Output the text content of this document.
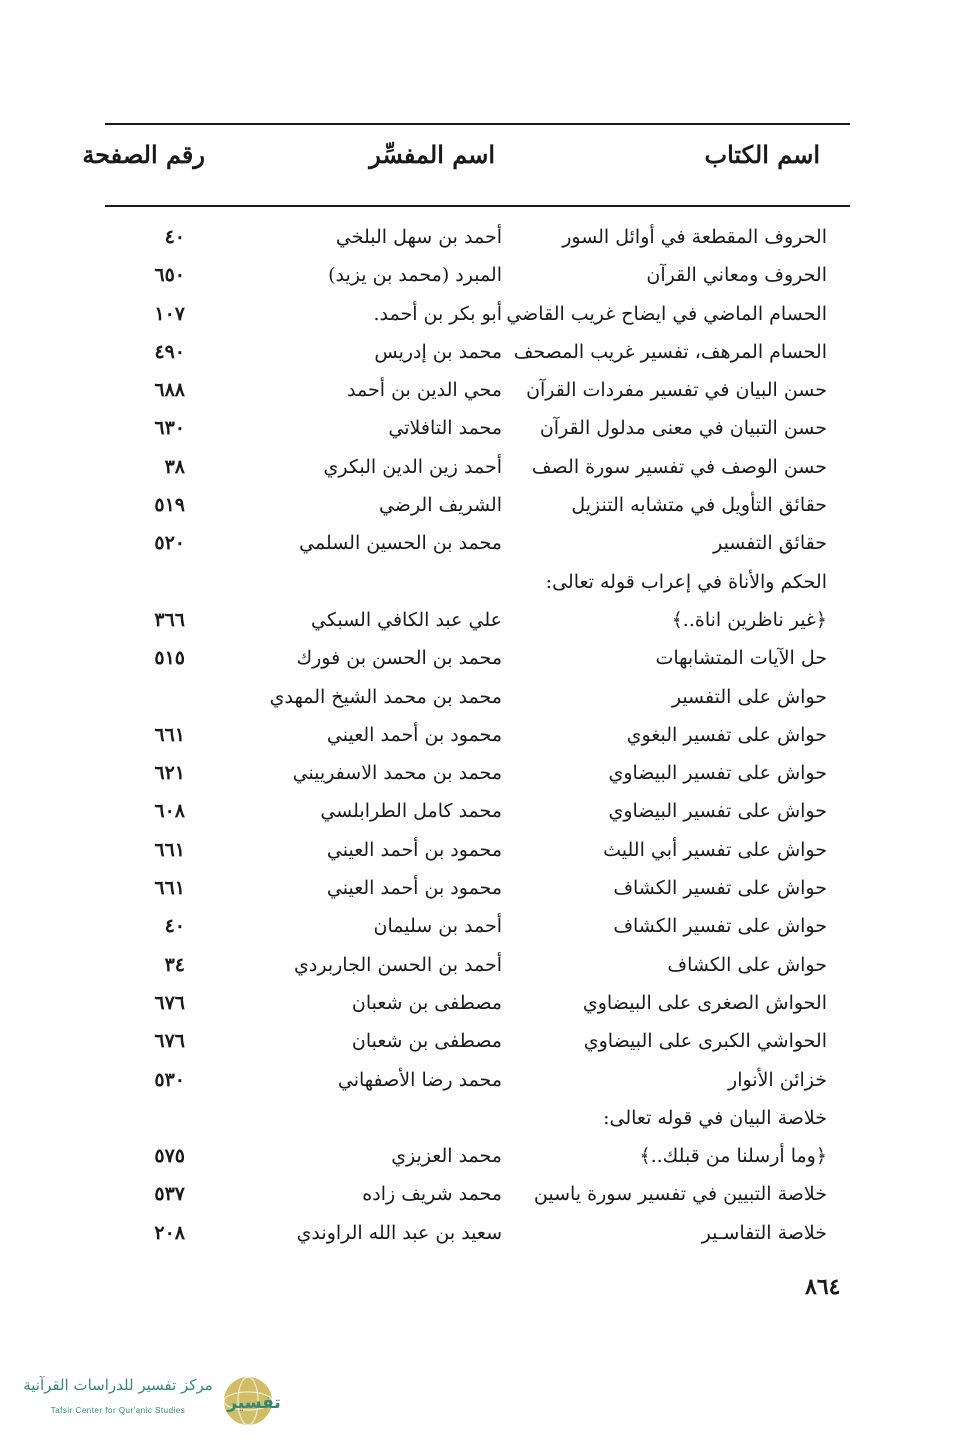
اسم الكتاب
اسم المفسِّر
رقم الصفحة
الحروف المقطعة في أوائل السور
أحمد بن سهل البلخي
٤٠
الحروف ومعاني القرآن
المبرد (محمد بن يزيد)
٦٥٠
الحسام الماضي في ايضاح غريب القاضي
أبو بكر بن أحمد.
١٠٧
الحسام المرهف، تفسير غريب المصحف
محمد بن إدريس
٤٩٠
حسن البيان في تفسير مفردات القرآن
محي الدين بن أحمد
٦٨٨
حسن التبيان في معنى مدلول القرآن
محمد التافلاتي
٦٣٠
حسن الوصف في تفسير سورة الصف
أحمد زين الدين البكري
٣٨
حقائق التأويل في متشابه التنزيل
الشريف الرضي
٥١٩
حقائق التفسير
محمد بن الحسين السلمي
٥٢٠
الحكم والأناة في إعراب قوله تعالى:
﴿غير ناظرين اناة..﴾
علي عبد الكافي السبكي
٣٦٦
حل الآيات المتشابهات
محمد بن الحسن بن فورك
٥١٥
حواش على التفسير
محمد بن محمد الشيخ المهدي
حواش على تفسير البغوي
محمود بن أحمد العيني
٦٦١
حواش على تفسير البيضاوي
محمد بن محمد الاسفرييني
٦٢١
حواش على تفسير البيضاوي
محمد كامل الطرابلسي
٦٠٨
حواش على تفسير أبي الليث
محمود بن أحمد العيني
٦٦١
حواش على تفسير الكشاف
محمود بن أحمد العيني
٦٦١
حواش على تفسير الكشاف
أحمد بن سليمان
٤٠
حواش على الكشاف
أحمد بن الحسن الجاربردي
٣٤
الحواش الصغرى على البيضاوي
مصطفى بن شعبان
٦٧٦
الحواشي الكبرى على البيضاوي
مصطفى بن شعبان
٦٧٦
خزائن الأنوار
محمد رضا الأصفهاني
٥٣٠
خلاصة البيان في قوله تعالى:
﴿وما أرسلنا من قبلك..﴾
محمد العزيزي
٥٧٥
خلاصة التبيين في تفسير سورة ياسين
محمد شريف زاده
٥٣٧
خلاصة التفاسـير
سعيد بن عبد الله الراوندي
٢٠٨
٨٦٤
مركز تفسير للدراسات القرآنية
Tafsir Center for Qur'anic Studies	تفسير
